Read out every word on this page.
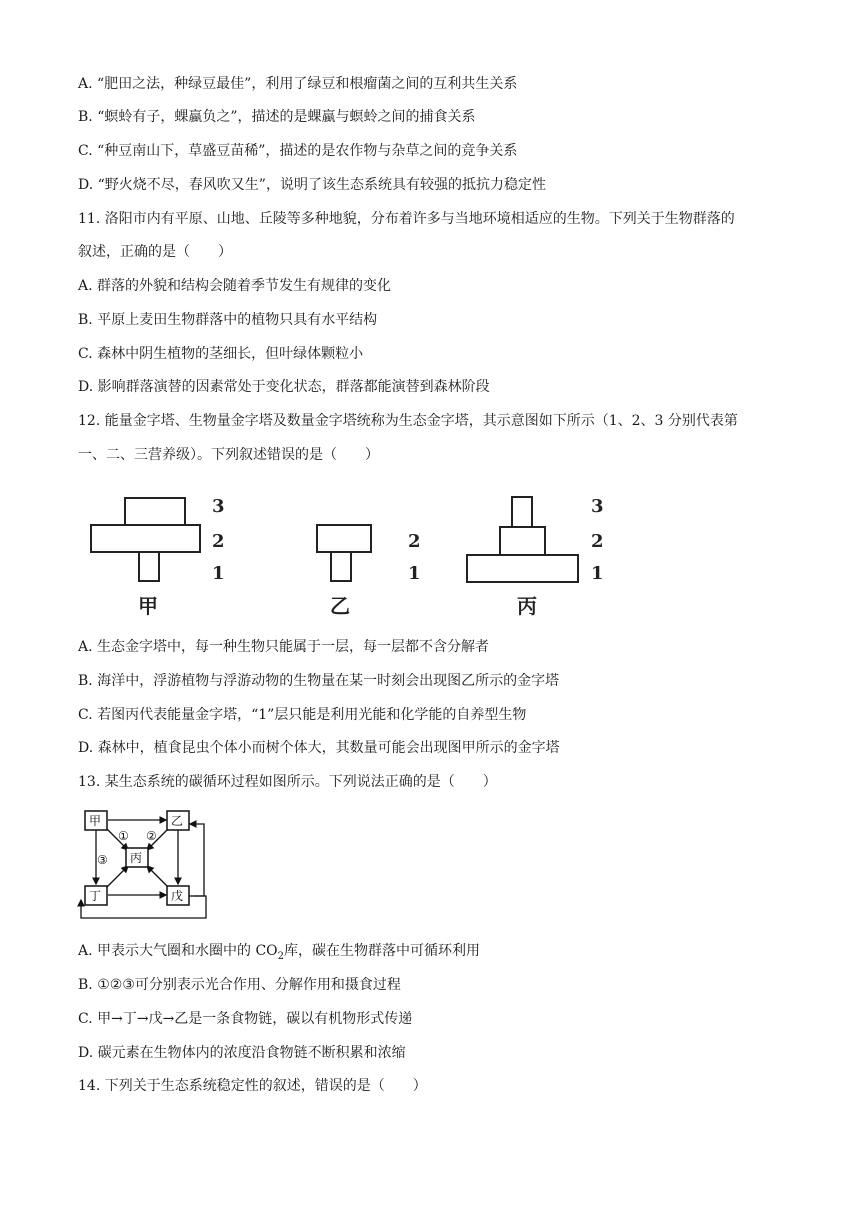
A. “肥田之法，种绿豆最佳”，利用了绿豆和根瘤菌之间的互利共生关系
B. “螟蛉有子，蜾蠃负之”，描述的是蜾蠃与螟蛉之间的捕食关系
C. “种豆南山下，草盛豆苗稀”，描述的是农作物与杂草之间的竞争关系
D. “野火烧不尽，春风吹又生”，说明了该生态系统具有较强的抵抗力稳定性
11. 洛阳市内有平原、山地、丘陵等多种地貌，分布着许多与当地环境相适应的生物。下列关于生物群落的
叙述，正确的是（　　）
A. 群落的外貌和结构会随着季节发生有规律的变化
B. 平原上麦田生物群落中的植物只具有水平结构
C. 森林中阴生植物的茎细长，但叶绿体颗粒小
D. 影响群落演替的因素常处于变化状态，群落都能演替到森林阶段
12. 能量金字塔、生物量金字塔及数量金字塔统称为生态金字塔，其示意图如下所示（1、2、3 分别代表第
一、二、三营养级）。下列叙述错误的是（　　）
3
2
1
甲
2
1
乙
3
2
1
丙
A. 生态金字塔中，每一种生物只能属于一层，每一层都不含分解者
B. 海洋中，浮游植物与浮游动物的生物量在某一时刻会出现图乙所示的金字塔
C. 若图丙代表能量金字塔，“1”层只能是利用光能和化学能的自养型生物
D. 森林中，植食昆虫个体小而树个体大，其数量可能会出现图甲所示的金字塔
13. 某生态系统的碳循环过程如图所示。下列说法正确的是（　　）
甲	乙
丙
丁	戊
① ②
③
A. 甲表示大气圈和水圈中的 $CO_2$库，碳在生物群落中可循环利用
B. ①②③可分别表示光合作用、分解作用和摄食过程
C. 甲→丁→戊→乙是一条食物链，碳以有机物形式传递
D. 碳元素在生物体内的浓度沿食物链不断积累和浓缩
14. 下列关于生态系统稳定性的叙述，错误的是（　　）
